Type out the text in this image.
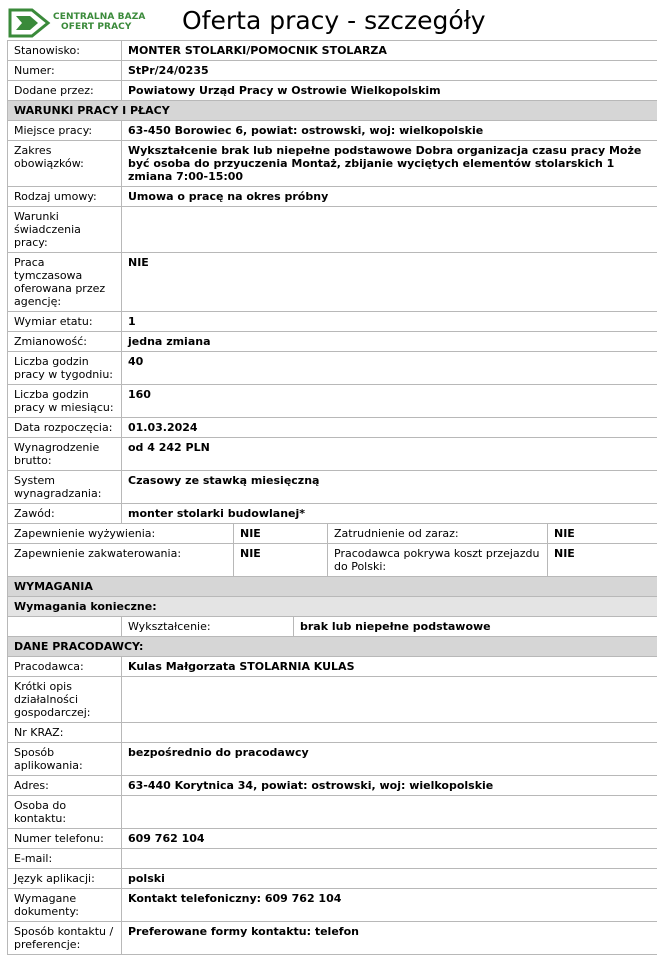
CENTRALNA BAZA
OFERT PRACY	Oferta pracy - szczegóły
Stanowisko:	MONTER STOLARKI/POMOCNIK STOLARZA				
Numer:	StPr/24/0235				
Dodane przez:	Powiatowy Urząd Pracy w Ostrowie Wielkopolskim				
WARUNKI PRACY I PŁACY					
Miejsce pracy:	63-450 Borowiec 6, powiat: ostrowski, woj: wielkopolskie				
Zakres obowiązków:	Wykształcenie brak lub niepełne podstawowe Dobra organizacja czasu pracy Może być osoba do przyuczenia Montaż, zbijanie wyciętych elementów stolarskich 1 zmiana 7:00-15:00				
Rodzaj umowy:	Umowa o pracę na okres próbny				
Warunki świadczenia pracy:					
Praca tymczasowa oferowana przez agencję:	NIE				
Wymiar etatu:	1				
Zmianowość:	jedna zmiana				
Liczba godzin pracy w tygodniu:	40				
Liczba godzin pracy w miesiącu:	160				
Data rozpoczęcia:	01.03.2024				
Wynagrodzenie brutto:	od 4 242 PLN				
System wynagradzania:	Czasowy ze stawką miesięczną				
Zawód:	monter stolarki budowlanej*				
Zapewnienie wyżywienia:		NIE		Zatrudnienie od zaraz:	NIE
Zapewnienie zakwaterowania:		NIE		Pracodawca pokrywa koszt przejazdu do Polski:	NIE
WYMAGANIA					
Wymagania konieczne:					
	Wykształcenie:		brak lub niepełne podstawowe		
DANE PRACODAWCY:					
Pracodawca:	Kulas Małgorzata STOLARNIA KULAS				
Krótki opis działalności gospodarczej:					
Nr KRAZ:					
Sposób aplikowania:	bezpośrednio do pracodawcy				
Adres:	63-440 Korytnica 34, powiat: ostrowski, woj: wielkopolskie				
Osoba do kontaktu:					
Numer telefonu:	609 762 104				
E-mail:					
Język aplikacji:	polski				
Wymagane dokumenty:	Kontakt telefoniczny: 609 762 104				
Sposób kontaktu / preferencje:	Preferowane formy kontaktu: telefon				
